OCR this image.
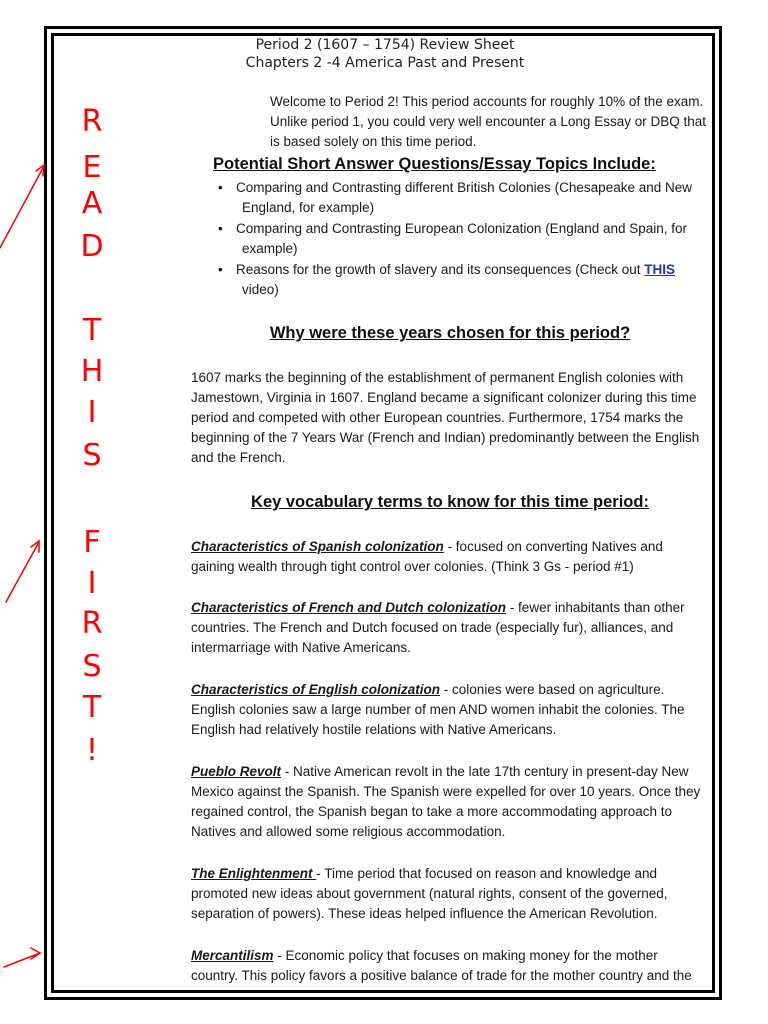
Period 2 (1607 – 1754) Review Sheet
Chapters 2 -4 America Past and Present
R
E
A
D
T
H
I
S
F
I
R
S
T
!
Welcome to Period 2! This period accounts for roughly 10% of the exam. Unlike period 1, you could very well encounter a Long Essay or DBQ that is based solely on this time period.
Potential Short Answer Questions/Essay Topics Include:
• Comparing and Contrasting different British Colonies (Chesapeake and New
England, for example)
• Comparing and Contrasting European Colonization (England and Spain, for
example)
• Reasons for the growth of slavery and its consequences (Check out THIS
video)
Why were these years chosen for this period?
1607 marks the beginning of the establishment of permanent English colonies with Jamestown, Virginia in 1607. England became a significant colonizer during this time period and competed with other European countries. Furthermore, 1754 marks the beginning of the 7 Years War (French and Indian) predominantly between the English and the French.
Key vocabulary terms to know for this time period:
Characteristics of Spanish colonization - focused on converting Natives and gaining wealth through tight control over colonies. (Think 3 Gs - period #1)
Characteristics of French and Dutch colonization - fewer inhabitants than other countries. The French and Dutch focused on trade (especially fur), alliances, and intermarriage with Native Americans.
Characteristics of English colonization - colonies were based on agriculture. English colonies saw a large number of men AND women inhabit the colonies. The English had relatively hostile relations with Native Americans.
Pueblo Revolt - Native American revolt in the late 17th century in present-day New Mexico against the Spanish. The Spanish were expelled for over 10 years. Once they regained control, the Spanish began to take a more accommodating approach to Natives and allowed some religious accommodation.
The Enlightenment - Time period that focused on reason and knowledge and promoted new ideas about government (natural rights, consent of the governed, separation of powers). These ideas helped influence the American Revolution.
Mercantilism - Economic policy that focuses on making money for the mother country. This policy favors a positive balance of trade for the mother country and the
